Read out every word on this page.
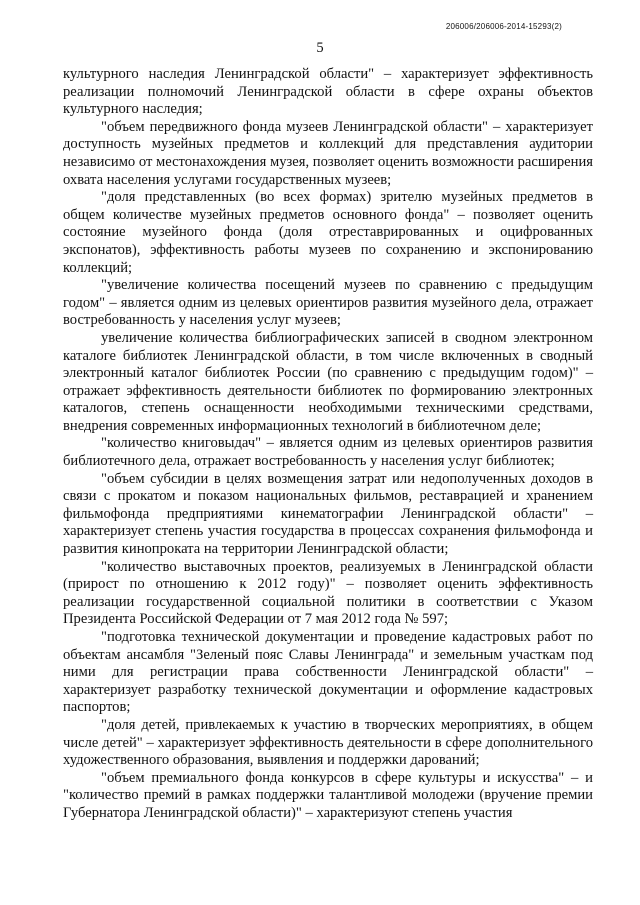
206006/206006-2014-15293(2)
5

культурного наследия Ленинградской области" – характеризует эффективность реализации полномочий Ленинградской области в сфере охраны объектов культурного наследия;

"объем передвижного фонда музеев Ленинградской области" – характеризует доступность музейных предметов и коллекций для представления аудитории независимо от местонахождения музея, позволяет оценить возможности расширения охвата населения услугами государственных музеев;

"доля представленных (во всех формах) зрителю музейных предметов в общем количестве музейных предметов основного фонда" – позволяет оценить состояние музейного фонда (доля отреставрированных и оцифрованных экспонатов), эффективность работы музеев по сохранению и экспонированию коллекций;

"увеличение количества посещений музеев по сравнению с предыдущим годом" – является одним из целевых ориентиров развития музейного дела, отражает востребованность у населения услуг музеев;

увеличение количества библиографических записей в сводном электронном каталоге библиотек Ленинградской области, в том числе включенных в сводный электронный каталог библиотек России (по сравнению с предыдущим годом)" – отражает эффективность деятельности библиотек по формированию электронных каталогов, степень оснащенности необходимыми техническими средствами, внедрения современных информационных технологий в библиотечном деле;

"количество книговыдач" – является одним из целевых ориентиров развития библиотечного дела, отражает востребованность у населения услуг библиотек;

"объем субсидии в целях возмещения затрат или недополученных доходов в связи с прокатом и показом национальных фильмов, реставрацией и хранением фильмофонда предприятиями кинематографии Ленинградской области" – характеризует степень участия государства в процессах сохранения фильмофонда и развития кинопроката на территории Ленинградской области;

"количество выставочных проектов, реализуемых в Ленинградской области (прирост по отношению к 2012 году)" – позволяет оценить эффективность реализации государственной социальной политики в соответствии с Указом Президента Российской Федерации от 7 мая 2012 года № 597;

"подготовка технической документации и проведение кадастровых работ по объектам ансамбля "Зеленый пояс Славы Ленинграда" и земельным участкам под ними для регистрации права собственности Ленинградской области" – характеризует разработку технической документации и оформление кадастровых паспортов;

"доля детей, привлекаемых к участию в творческих мероприятиях, в общем числе детей" – характеризует эффективность деятельности в сфере дополнительного художественного образования, выявления и поддержки дарований;

"объем премиального фонда конкурсов в сфере культуры и искусства" – и "количество премий в рамках поддержки талантливой молодежи (вручение премии Губернатора Ленинградской области)" – характеризуют степень участия
